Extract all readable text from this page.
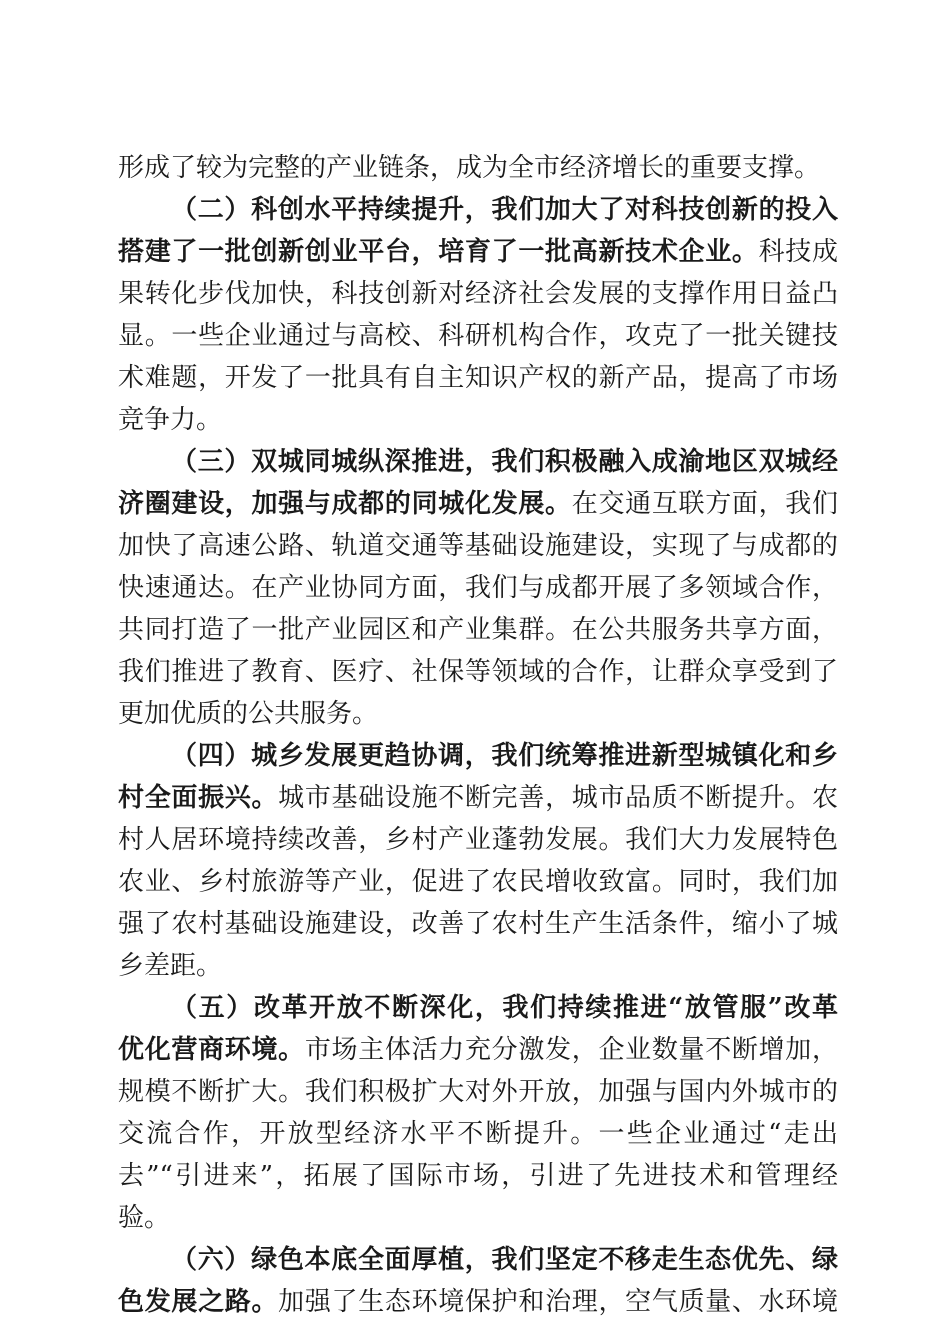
形成了较为完整的产业链条，成为全市经济增长的重要支撑。
（二）科创水平持续提升，我们加大了对科技创新的投入
搭建了一批创新创业平台，培育了一批高新技术企业。科技成
果转化步伐加快，科技创新对经济社会发展的支撑作用日益凸
显。一些企业通过与高校、科研机构合作，攻克了一批关键技
术难题，开发了一批具有自主知识产权的新产品，提高了市场
竞争力。
（三）双城同城纵深推进，我们积极融入成渝地区双城经
济圈建设，加强与成都的同城化发展。在交通互联方面，我们
加快了高速公路、轨道交通等基础设施建设，实现了与成都的
快速通达。在产业协同方面，我们与成都开展了多领域合作，
共同打造了一批产业园区和产业集群。在公共服务共享方面，
我们推进了教育、医疗、社保等领域的合作，让群众享受到了
更加优质的公共服务。
（四）城乡发展更趋协调，我们统筹推进新型城镇化和乡
村全面振兴。城市基础设施不断完善，城市品质不断提升。农
村人居环境持续改善，乡村产业蓬勃发展。我们大力发展特色
农业、乡村旅游等产业，促进了农民增收致富。同时，我们加
强了农村基础设施建设，改善了农村生产生活条件，缩小了城
乡差距。
（五）改革开放不断深化，我们持续推进“放管服”改革
优化营商环境。市场主体活力充分激发，企业数量不断增加，
规模不断扩大。我们积极扩大对外开放，加强与国内外城市的
交流合作，开放型经济水平不断提升。一些企业通过“走出
去”“引进来”，拓展了国际市场，引进了先进技术和管理经
验。
（六）绿色本底全面厚植，我们坚定不移走生态优先、绿
色发展之路。加强了生态环境保护和治理，空气质量、水环境
